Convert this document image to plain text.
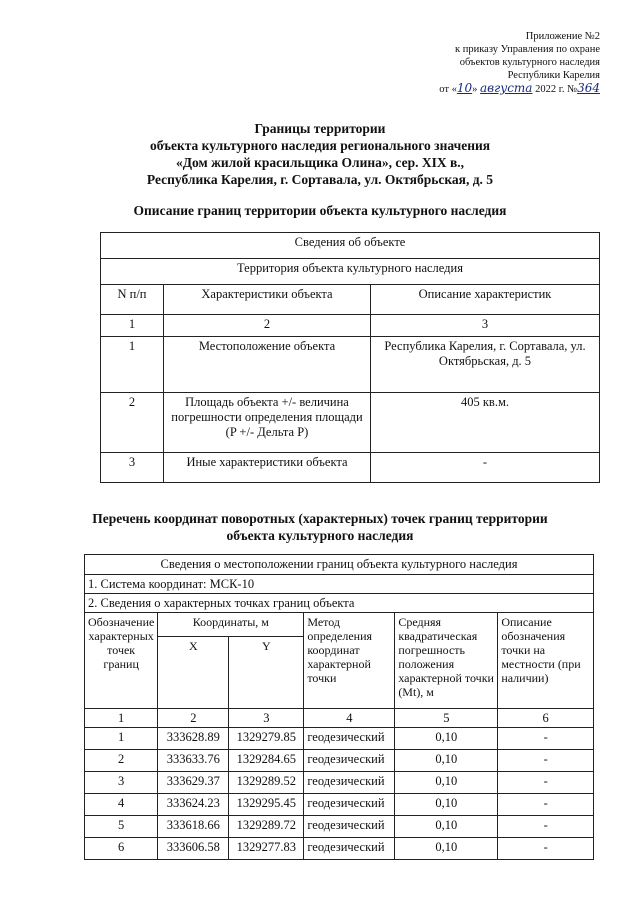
Приложение №2
к приказу Управления по охране
объектов культурного наследия
Республики Карелия
от «10» августа 2022 г. №364
Границы территории
объекта культурного наследия регионального значения
«Дом жилой красильщика Олина», сер. XIX в.,
Республика Карелия, г. Сортавала, ул. Октябрьская, д. 5
Описание границ территории объекта культурного наследия
Сведения об объекте		
Территория объекта культурного наследия		
N п/п	Характеристики объекта	Описание характеристик
1	2	3
1	Местоположение объекта	Республика Карелия, г. Сортавала, ул. Октябрьская, д. 5
2	Площадь объекта +/- величина погрешности определения площади (P +/- Дельта P)	405 кв.м.
3	Иные характеристики объекта	-
Перечень координат поворотных (характерных) точек границ территории
объекта культурного наследия
Сведения о местоположении границ объекта культурного наследия					
1. Система координат: МСК-10					
2. Сведения о характерных точках границ объекта					
Обозначение характерных точек границ	Координаты, м		Метод определения координат характерной точки	Средняя квадратическая погрешность положения характерной точки (Mt), м	Описание обозначения точки на местности (при наличии)
	X	Y			
1	2	3	4	5	6
1	333628.89	1329279.85	геодезический	0,10	-
2	333633.76	1329284.65	геодезический	0,10	-
3	333629.37	1329289.52	геодезический	0,10	-
4	333624.23	1329295.45	геодезический	0,10	-
5	333618.66	1329289.72	геодезический	0,10	-
6	333606.58	1329277.83	геодезический	0,10	-
